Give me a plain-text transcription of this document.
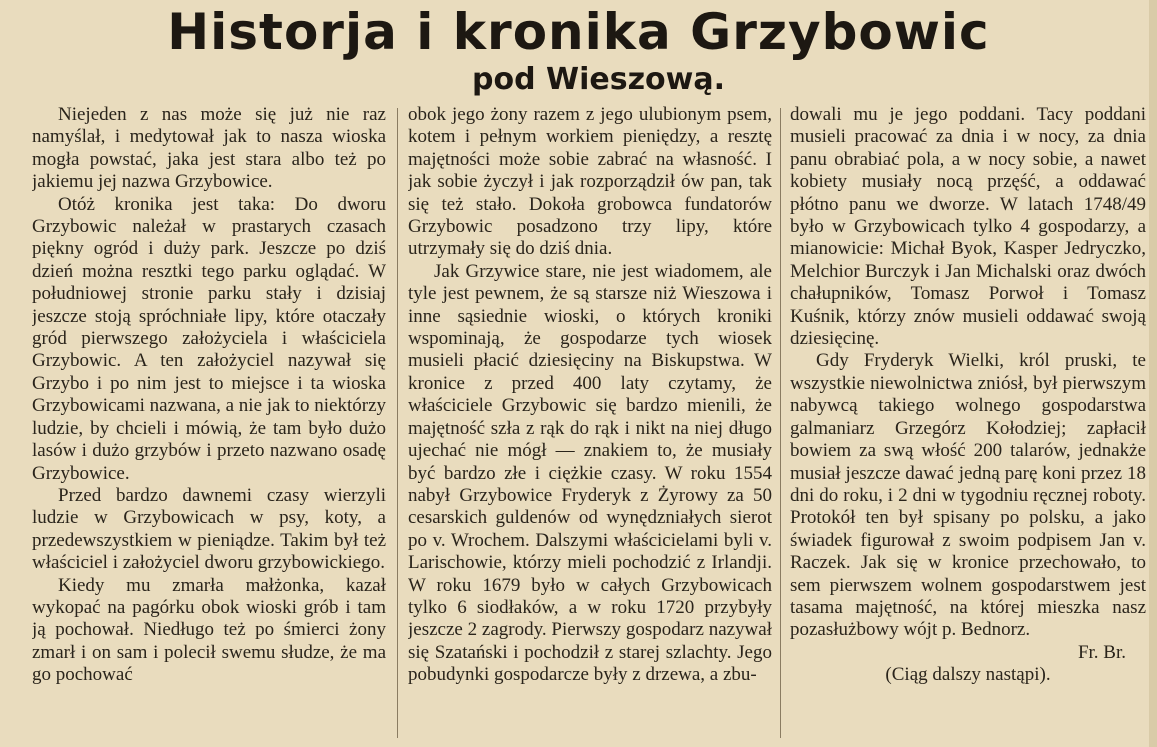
Historja i kronika Grzybowic
pod Wieszową.

Niejeden z nas może się już nie raz namyślał, i medytował jak to nasza wioska mogła powstać, jaka jest stara albo też po jakiemu jej nazwa Grzybowice.

Otóż kronika jest taka: Do dworu Grzybowic należał w prastarych czasach piękny ogród i duży park. Jeszcze po dziś dzień można resztki tego parku oglądać. W południowej stronie parku stały i dzisiaj jeszcze stoją spróchniałe lipy, które otaczały gród pierwszego założyciela i właściciela Grzybowic. A ten założyciel nazywał się Grzybo i po nim jest to miejsce i ta wioska Grzybowicami nazwana, a nie jak to niektórzy ludzie, by chcieli i mówią, że tam było dużo lasów i dużo grzybów i przeto nazwano osadę Grzybowice.

Przed bardzo dawnemi czasy wierzyli ludzie w Grzybowicach w psy, koty, a przedewszystkiem w pieniądze. Takim był też właściciel i założyciel dworu grzybowickiego.

Kiedy mu zmarła małżonka, kazał wykopać na pagórku obok wioski grób i tam ją pochował. Niedługo też po śmierci żony zmarł i on sam i polecił swemu słudze, że ma go pochować

obok jego żony razem z jego ulubionym psem, kotem i pełnym workiem pieniędzy, a resztę majętności może sobie zabrać na własność. I jak sobie życzył i jak rozporządził ów pan, tak się też stało. Dokoła grobowca fundatorów Grzybowic posadzono trzy lipy, które utrzymały się do dziś dnia.

Jak Grzywice stare, nie jest wiadomem, ale tyle jest pewnem, że są starsze niż Wieszowa i inne sąsiednie wioski, o których kroniki wspominają, że gospodarze tych wiosek musieli płacić dziesięciny na Biskupstwa. W kronice z przed 400 laty czytamy, że właściciele Grzybowic się bardzo mienili, że majętność szła z rąk do rąk i nikt na niej długo ujechać nie mógł — znakiem to, że musiały być bardzo złe i ciężkie czasy. W roku 1554 nabył Grzybowice Fryderyk z Żyrowy za 50 cesarskich guldenów od wynędzniałych sierot po v. Wrochem. Dalszymi właścicielami byli v. Larischowie, którzy mieli pochodzić z Irlandji. W roku 1679 było w całych Grzybowicach tylko 6 siodłaków, a w roku 1720 przybyły jeszcze 2 zagrody. Pierwszy gospodarz nazywał się Szatański i pochodził z starej szlachty. Jego pobudynki gospodarcze były z drzewa, a zbu-

dowali mu je jego poddani. Tacy poddani musieli pracować za dnia i w nocy, za dnia panu obrabiać pola, a w nocy sobie, a nawet kobiety musiały nocą przęść, a oddawać płótno panu we dworze. W latach 1748/49 było w Grzybowicach tylko 4 gospodarzy, a mianowicie: Michał Byok, Kasper Jedryczko, Melchior Burczyk i Jan Michalski oraz dwóch chałupników, Tomasz Porwoł i Tomasz Kuśnik, którzy znów musieli oddawać swoją dziesięcinę.

Gdy Fryderyk Wielki, król pruski, te wszystkie niewolnictwa zniósł, był pierwszym nabywcą takiego wolnego gospodarstwa galmaniarz Grzegórz Kołodziej; zapłacił bowiem za swą włość 200 talarów, jednakże musiał jeszcze dawać jedną parę koni przez 18 dni do roku, i 2 dni w tygodniu ręcznej roboty. Protokół ten był spisany po polsku, a jako świadek figurował z swoim podpisem Jan v. Raczek. Jak się w kronice przechowało, to sem pierwszem wolnem gospodarstwem jest tasama majętność, na której mieszka nasz pozasłużbowy wójt p. Bednorz.

Fr. Br.

(Ciąg dalszy nastąpi).
